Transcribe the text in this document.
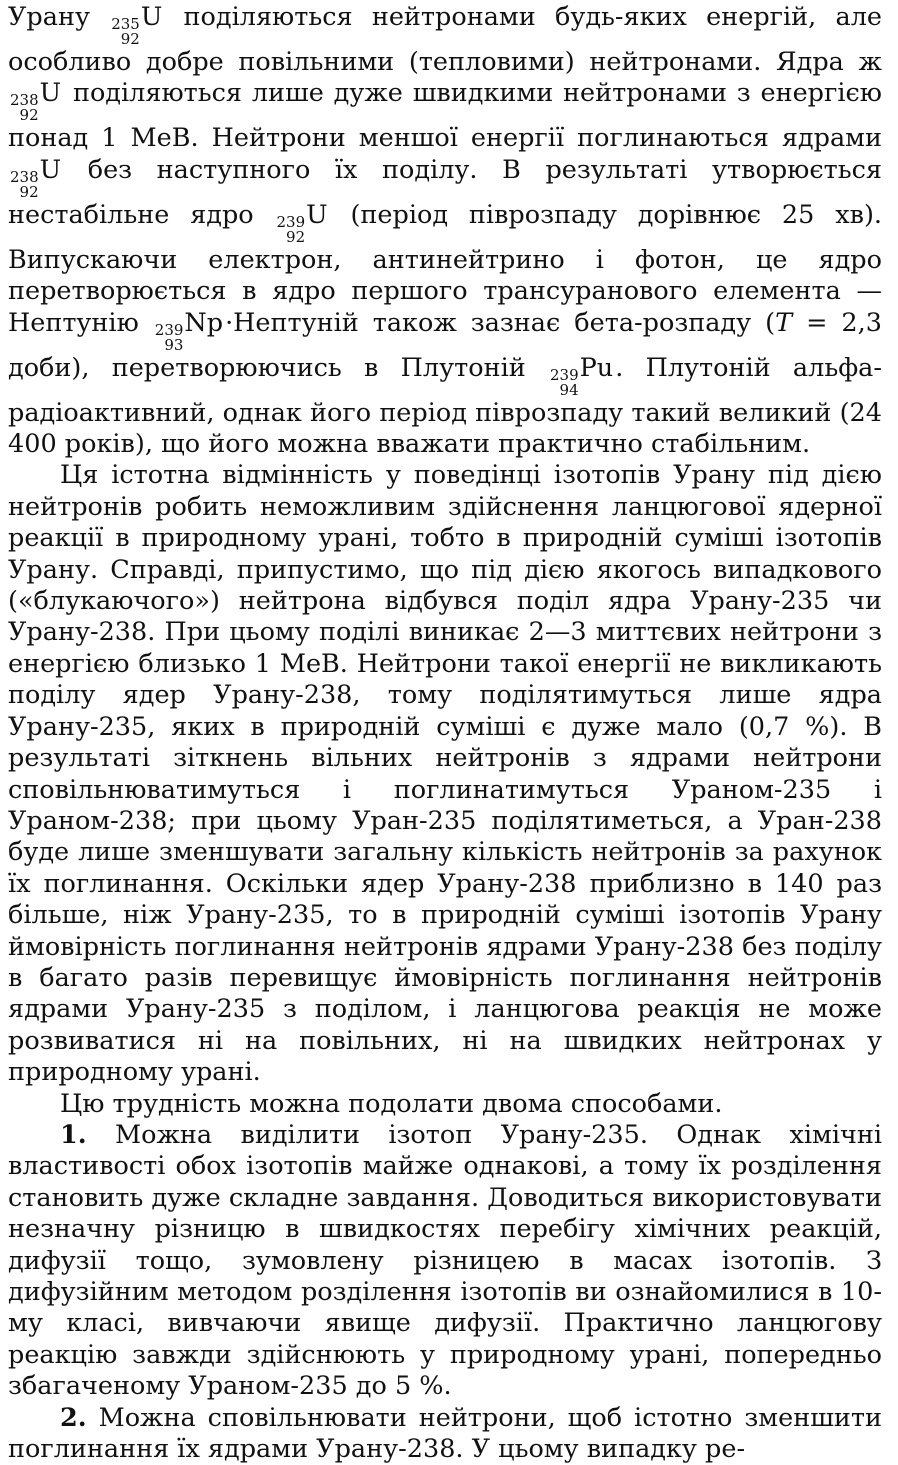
Урану 235
92
U поділяються нейтронами будь-яких енергій, але особливо добре повільними (тепловими) нейтронами. Ядра ж
238
92
U поділяються лише дуже швидкими нейтронами з енергією понад 1 МеВ. Нейтрони меншої енергії поглинаються ядрами
238
92
U без наступного їх поділу. В результаті утворюється нестабільне ядро 239
92
U (період піврозпаду дорівнює 25 хв). Випускаючи електрон, антинейтрино і фотон, це ядро перетворюється в ядро першого трансуранового елемента — Нептунію 239
93
Np·Нептуній також зазнає бета-розпаду (T = 2,3 доби), перетворюючись в Плутоній 239
94
Pu. Плутоній альфа-радіоактивний, однак його період піврозпаду такий великий (24 400 років), що його можна вважати практично стабільним.

Ця істотна відмінність у поведінці ізотопів Урану під дією нейтронів робить неможливим здійснення ланцюгової ядерної реакції в природному урані, тобто в природній суміші ізотопів Урану. Справді, припустимо, що під дією якогось випадкового («блукаючого») нейтрона відбувся поділ ядра Урану-235 чи Урану-238. При цьому поділі виникає 2—3 миттєвих нейтрони з енергією близько 1 МеВ. Нейтрони такої енергії не викликають поділу ядер Урану-238, тому поділятимуться лише ядра Урану-235, яких в природній суміші є дуже мало (0,7 %). В результаті зіткнень вільних нейтронів з ядрами нейтрони сповільнюватимуться і поглинатимуться Ураном-235 і Ураном-238; при цьому Уран-235 поділятиметься, а Уран-238 буде лише зменшувати загальну кількість нейтронів за рахунок їх поглинання. Оскільки ядер Урану-238 приблизно в 140 раз більше, ніж Урану-235, то в природній суміші ізотопів Урану ймовірність поглинання нейтронів ядрами Урану-238 без поділу в багато разів перевищує ймовірність поглинання нейтронів ядрами Урану-235 з поділом, і ланцюгова реакція не може розвиватися ні на повільних, ні на швидких нейтронах у природному урані.

Цю трудність можна подолати двома способами.

1. Можна виділити ізотоп Урану-235. Однак хімічні властивості обох ізотопів майже однакові, а тому їх розділення становить дуже складне завдання. Доводиться використовувати незначну різницю в швидкостях перебігу хімічних реакцій, дифузії тощо, зумовлену різницею в масах ізотопів. З дифузійним методом розділення ізотопів ви ознайомилися в 10-му класі, вивчаючи явище дифузії. Практично ланцюгову реакцію завжди здійснюють у природному урані, попередньо збагаченому Ураном-235 до 5 %.

2. Можна сповільнювати нейтрони, щоб істотно зменшити поглинання їх ядрами Урану-238. У цьому випадку ре-
